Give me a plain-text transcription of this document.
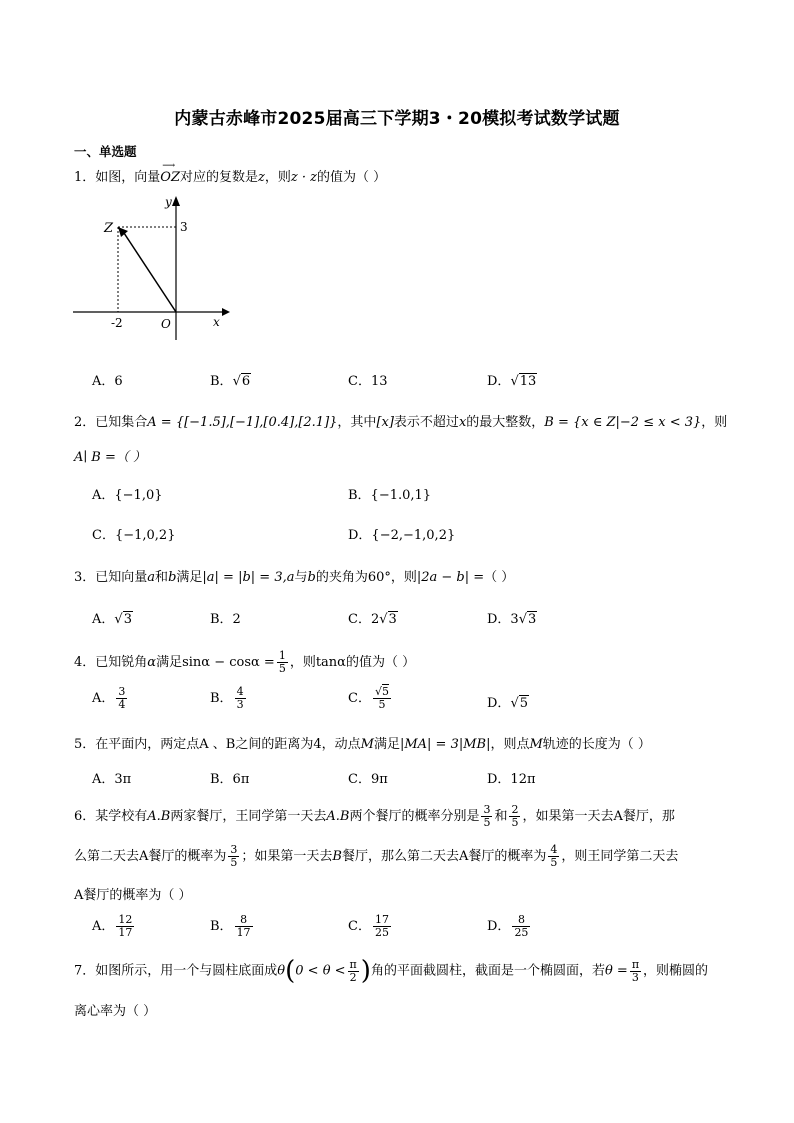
内蒙古赤峰市2025届高三下学期3・20模拟考试数学试题
一、单选题
1．如图，向量
⟶
OZ对应的复数是z，则z · z的值为（ ）
y
x
O
Z	3
-2
A．6	B．√6	C．13	D．√13
2．已知集合A = {[−1.5],[−1],[0.4],[2.1]}，其中[x]表示不超过x的最大整数，B = {x ∈ Z|−2 ≤ x < 3}，则
A∣ B =（ ）
A．{−1,0}	B．{−1.0,1}
C．{−1,0,2}	D．{−2,−1,0,2}
3．已知向量a和b满足|a| = |b| = 3,a与b的夹角为60°，则|2a − b| =（ ）
A．√3	B．2	C．2√3	D．3√3
4．已知锐角α满足$\sin\alpha - \cos\alpha = \frac{1}{5}$ ，则tanα的值为（ ）
A． $\frac{3}{4}$	B． $\frac{4}{3}$	C． $\frac{√5}{5}$	D．√5
5．在平面内，两定点A 、B之间的距离为4，动点M满足|MA| = 3|MB|，则点M轨迹的长度为（ ）
A．3π	B．6π	C．9π	D．12π
6．某学校有A.B两家餐厅，王同学第一天去A.B两个餐厅的概率分别是 $\frac{3}{5}$ 和 $\frac{2}{5}$ ，如果第一天去A餐厅，那
么第二天去A餐厅的概率为 $\frac{3}{5}$ ；如果第一天去B餐厅，那么第二天去A餐厅的概率为 $\frac{4}{5}$ ，则王同学第二天去
A餐厅的概率为（ ）
A． $\frac{12}{17}$	B． $\frac{8}{17}$	C． $\frac{17}{25}$	D． $\frac{8}{25}$
7．如图所示，用一个与圆柱底面成$\theta(0 < \theta < \frac{\pi}{2}$ )角的平面截圆柱，截面是一个椭圆面，若$\theta = \frac{\pi}{3}$ ，则椭圆的
离心率为（ ）
